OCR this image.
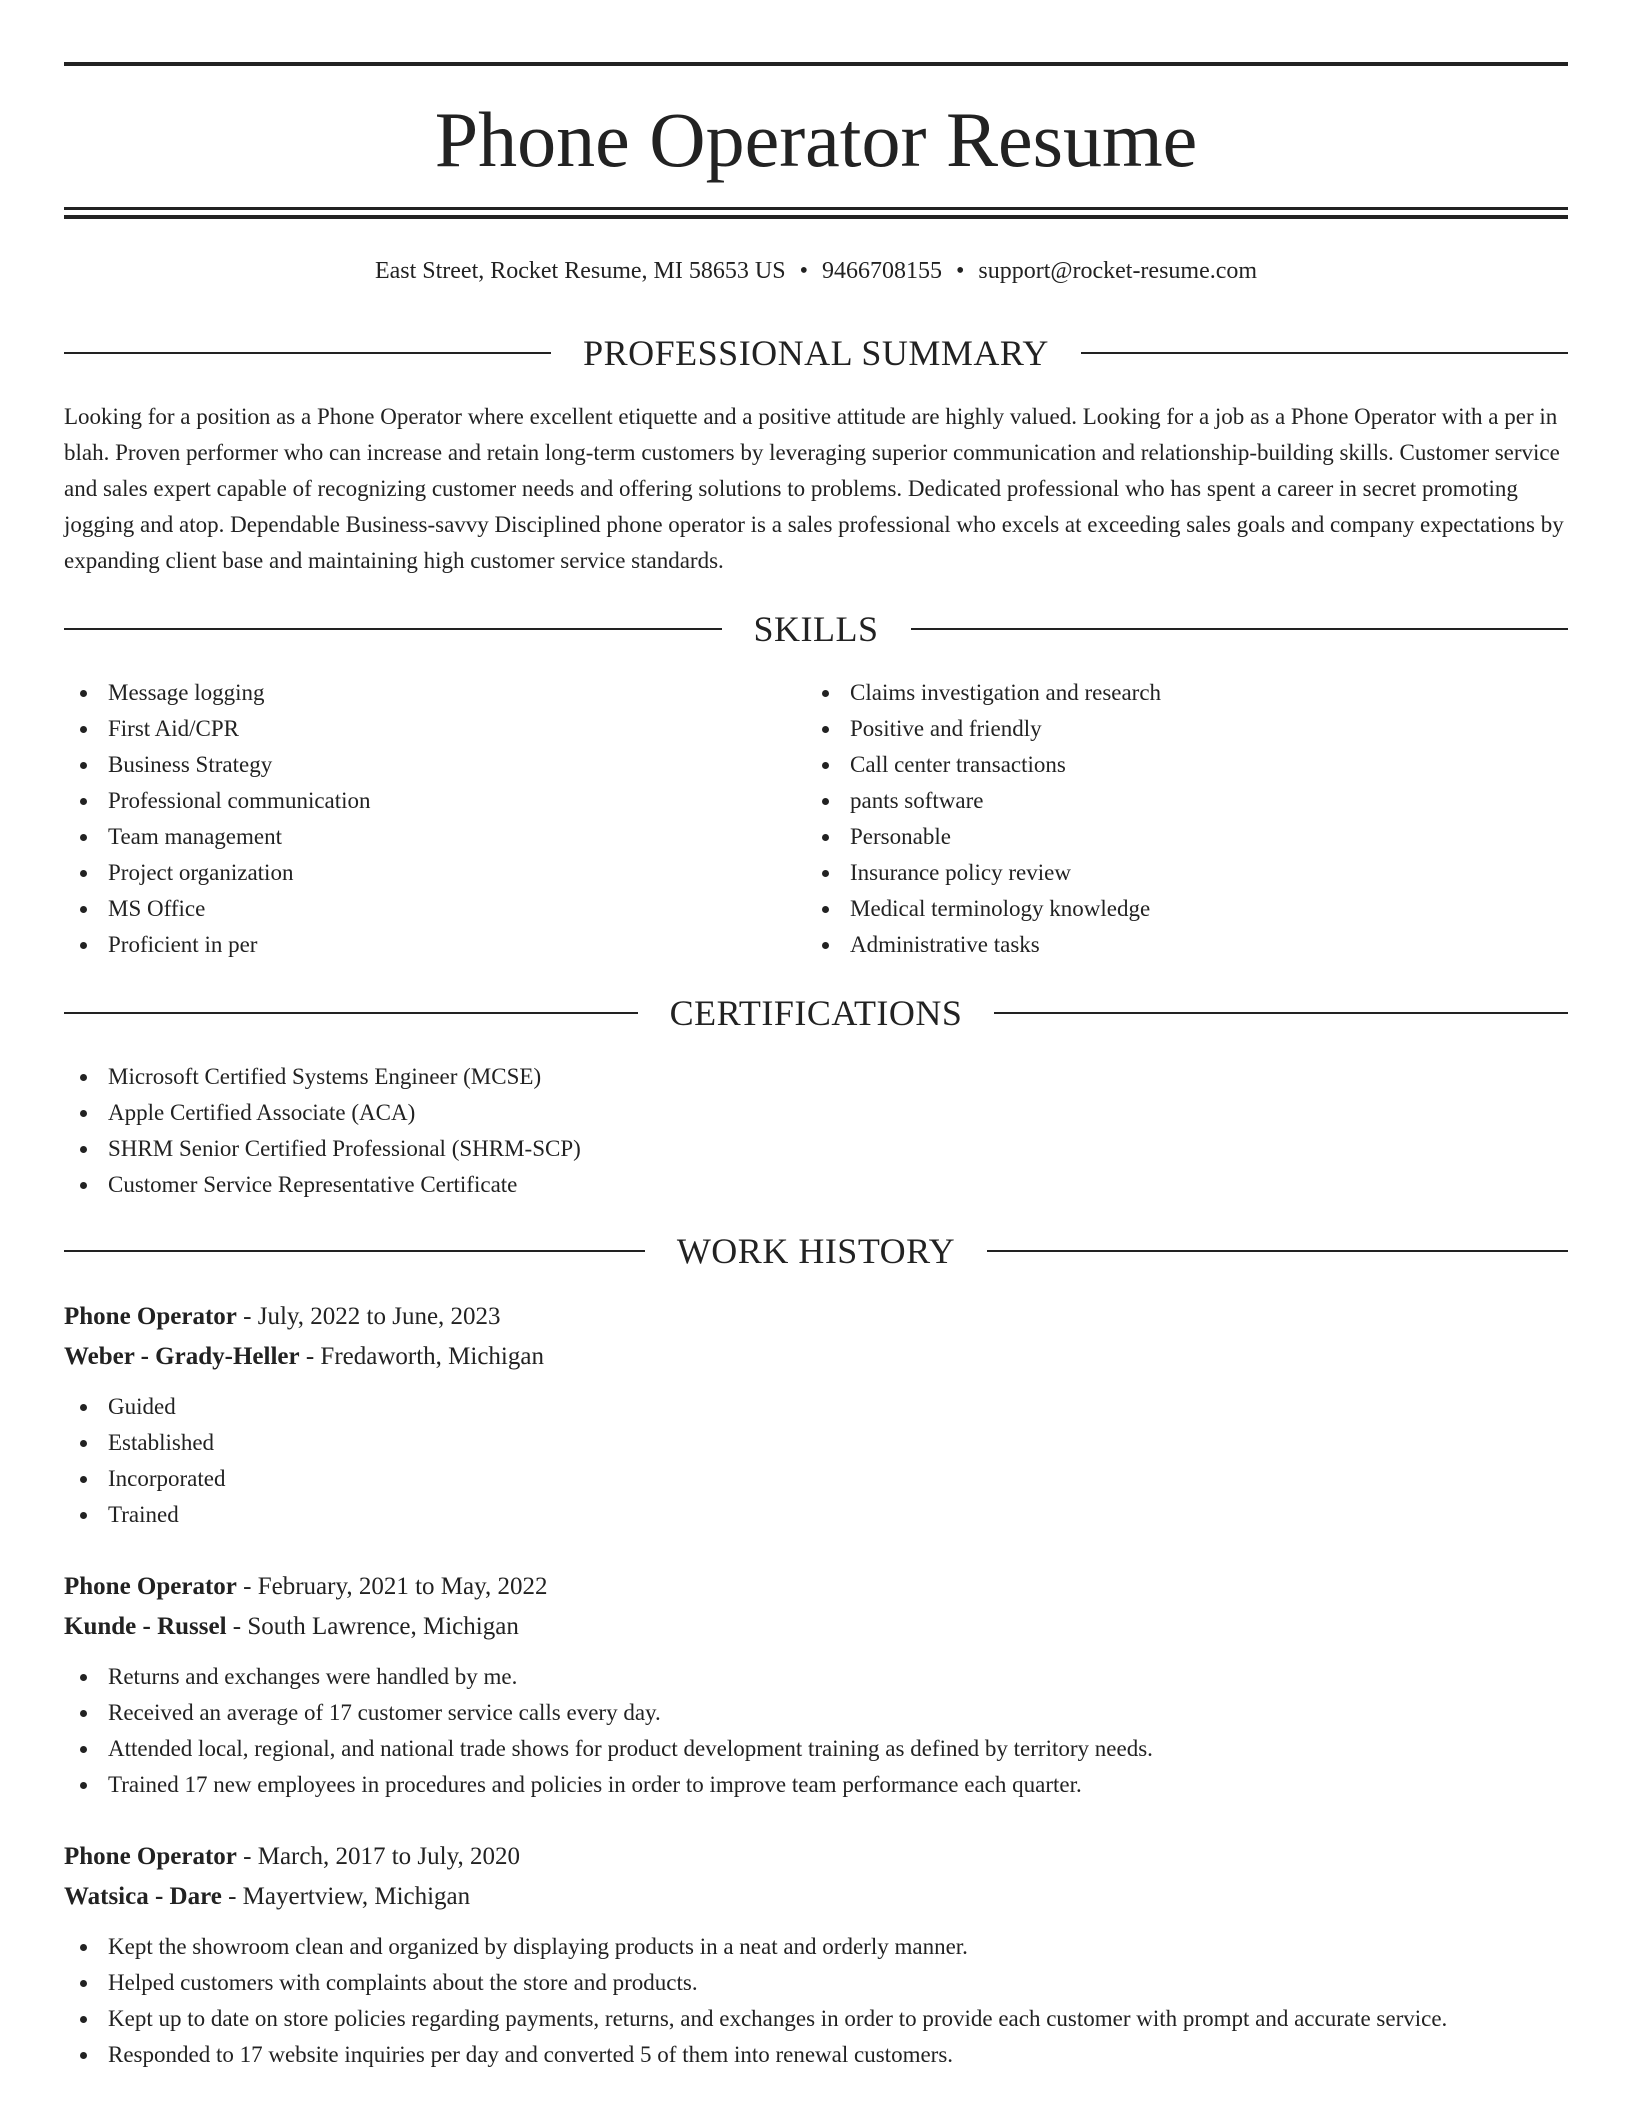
Phone Operator Resume
East Street, Rocket Resume, MI 58653 US • 9466708155 • support@rocket-resume.com
PROFESSIONAL SUMMARY

Looking for a position as a Phone Operator where excellent etiquette and a positive attitude are highly valued. Looking for a job as a Phone Operator with a per in blah. Proven performer who can increase and retain long-term customers by leveraging superior communication and relationship-building skills. Customer service and sales expert capable of recognizing customer needs and offering solutions to problems. Dedicated professional who has spent a career in secret promoting jogging and atop. Dependable Business-savvy Disciplined phone operator is a sales professional who excels at exceeding sales goals and company expectations by expanding client base and maintaining high customer service standards.

SKILLS
Message logging
First Aid/CPR
Business Strategy
Professional communication
Team management
Project organization
MS Office
Proficient in per
Claims investigation and research
Positive and friendly
Call center transactions
pants software
Personable
Insurance policy review
Medical terminology knowledge
Administrative tasks
CERTIFICATIONS
Microsoft Certified Systems Engineer (MCSE)
Apple Certified Associate (ACA)
SHRM Senior Certified Professional (SHRM-SCP)
Customer Service Representative Certificate
WORK HISTORY
Phone Operator - July, 2022 to June, 2023
Weber - Grady-Heller - Fredaworth, Michigan
Guided
Established
Incorporated
Trained
Phone Operator - February, 2021 to May, 2022
Kunde - Russel - South Lawrence, Michigan
Returns and exchanges were handled by me.
Received an average of 17 customer service calls every day.
Attended local, regional, and national trade shows for product development training as defined by territory needs.
Trained 17 new employees in procedures and policies in order to improve team performance each quarter.
Phone Operator - March, 2017 to July, 2020
Watsica - Dare - Mayertview, Michigan
Kept the showroom clean and organized by displaying products in a neat and orderly manner.
Helped customers with complaints about the store and products.
Kept up to date on store policies regarding payments, returns, and exchanges in order to provide each customer with prompt and accurate service.
Responded to 17 website inquiries per day and converted 5 of them into renewal customers.
